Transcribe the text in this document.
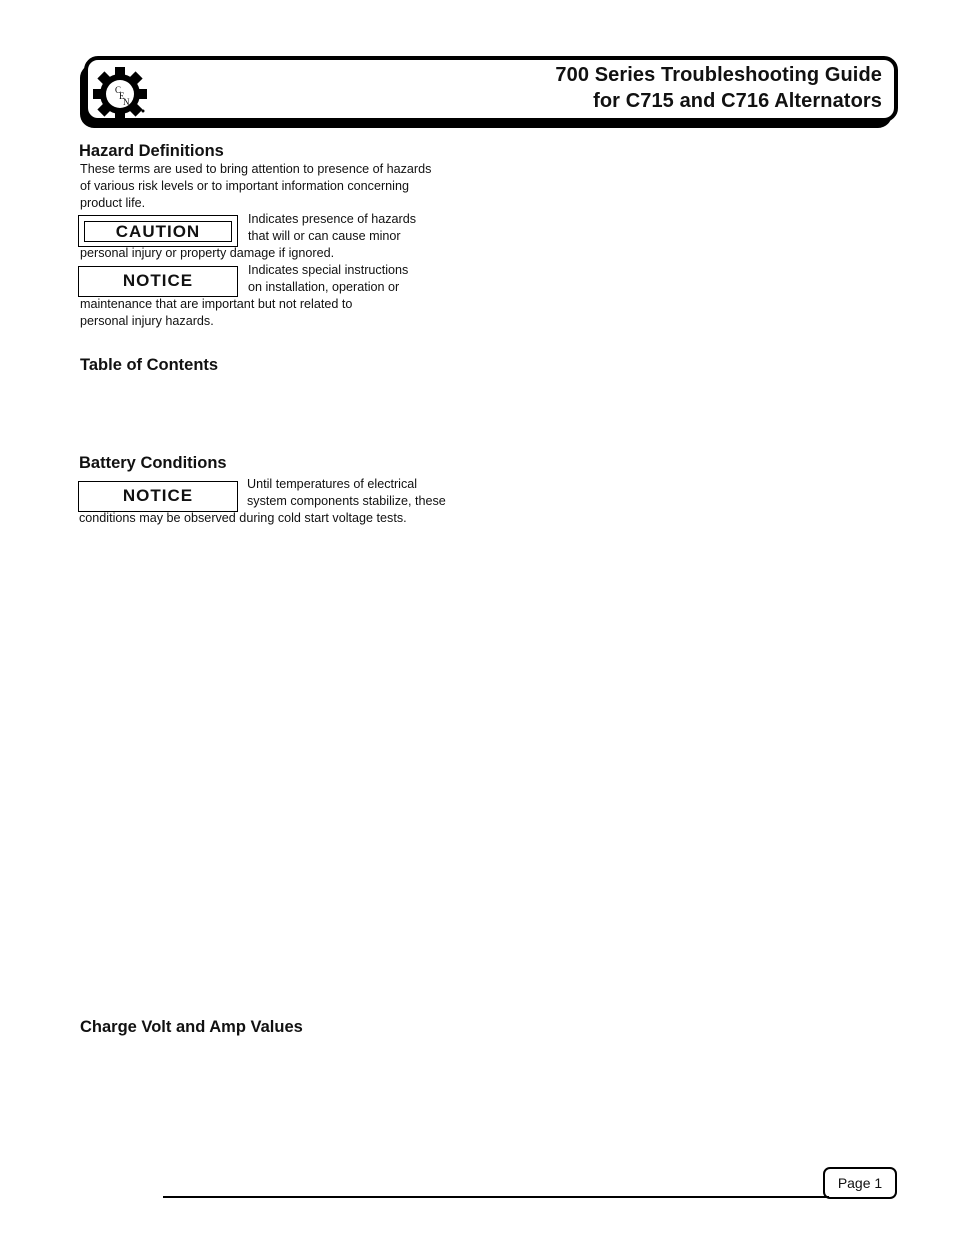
C
E
N
700 Series Troubleshooting Guide
for C715 and C716 Alternators
Hazard Definitions
These terms are used to bring attention to presence of hazards
of various risk levels or to important information concerning
product life.
CAUTION
Indicates presence of hazards
that will or can cause minor
personal injury or property damage if ignored.
NOTICE
Indicates special instructions
on installation, operation or
maintenance that are important but not related to
personal injury hazards.
Table of Contents
Battery Conditions
NOTICE
Until temperatures of electrical
system components stabilize, these
conditions may be observed during cold start voltage tests.
Charge Volt and Amp Values
Page 1
